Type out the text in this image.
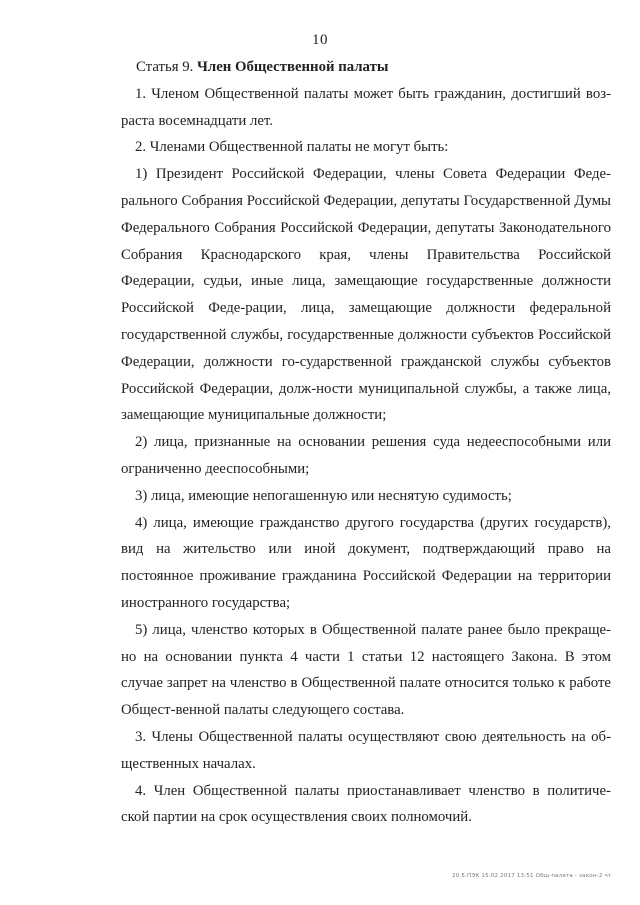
10
Статья 9. Член Общественной палаты

1. Членом Общественной палаты может быть гражданин, достигший воз-раста восемнадцати лет.

2. Членами Общественной палаты не могут быть:

1) Президент Российской Федерации, члены Совета Федерации Феде-рального Собрания Российской Федерации, депутаты Государственной Думы Федерального Собрания Российской Федерации, депутаты Законодательного Собрания Краснодарского края, члены Правительства Российской Федерации, судьи, иные лица, замещающие государственные должности Российской Феде-рации, лица, замещающие должности федеральной государственной службы, государственные должности субъектов Российской Федерации, должности го-сударственной гражданской службы субъектов Российской Федерации, долж-ности муниципальной службы, а также лица, замещающие муниципальные должности;

2) лица, признанные на основании решения суда недееспособными или ограниченно дееспособными;

3) лица, имеющие непогашенную или неснятую судимость;

4) лица, имеющие гражданство другого государства (других государств), вид на жительство или иной документ, подтверждающий право на постоянное проживание гражданина Российской Федерации на территории иностранного государства;

5) лица, членство которых в Общественной палате ранее было прекраще-но на основании пункта 4 части 1 статьи 12 настоящего Закона. В этом случае запрет на членство в Общественной палате относится только к работе Общест-венной палаты следующего состава.

3. Члены Общественной палаты осуществляют свою деятельность на об-щественных началах.

4. Член Общественной палаты приостанавливает членство в политиче-ской партии на срок осуществления своих полномочий.

20.5.ПЭК 15.02.2017 13:51 Общ-палата - закон-2 чт
